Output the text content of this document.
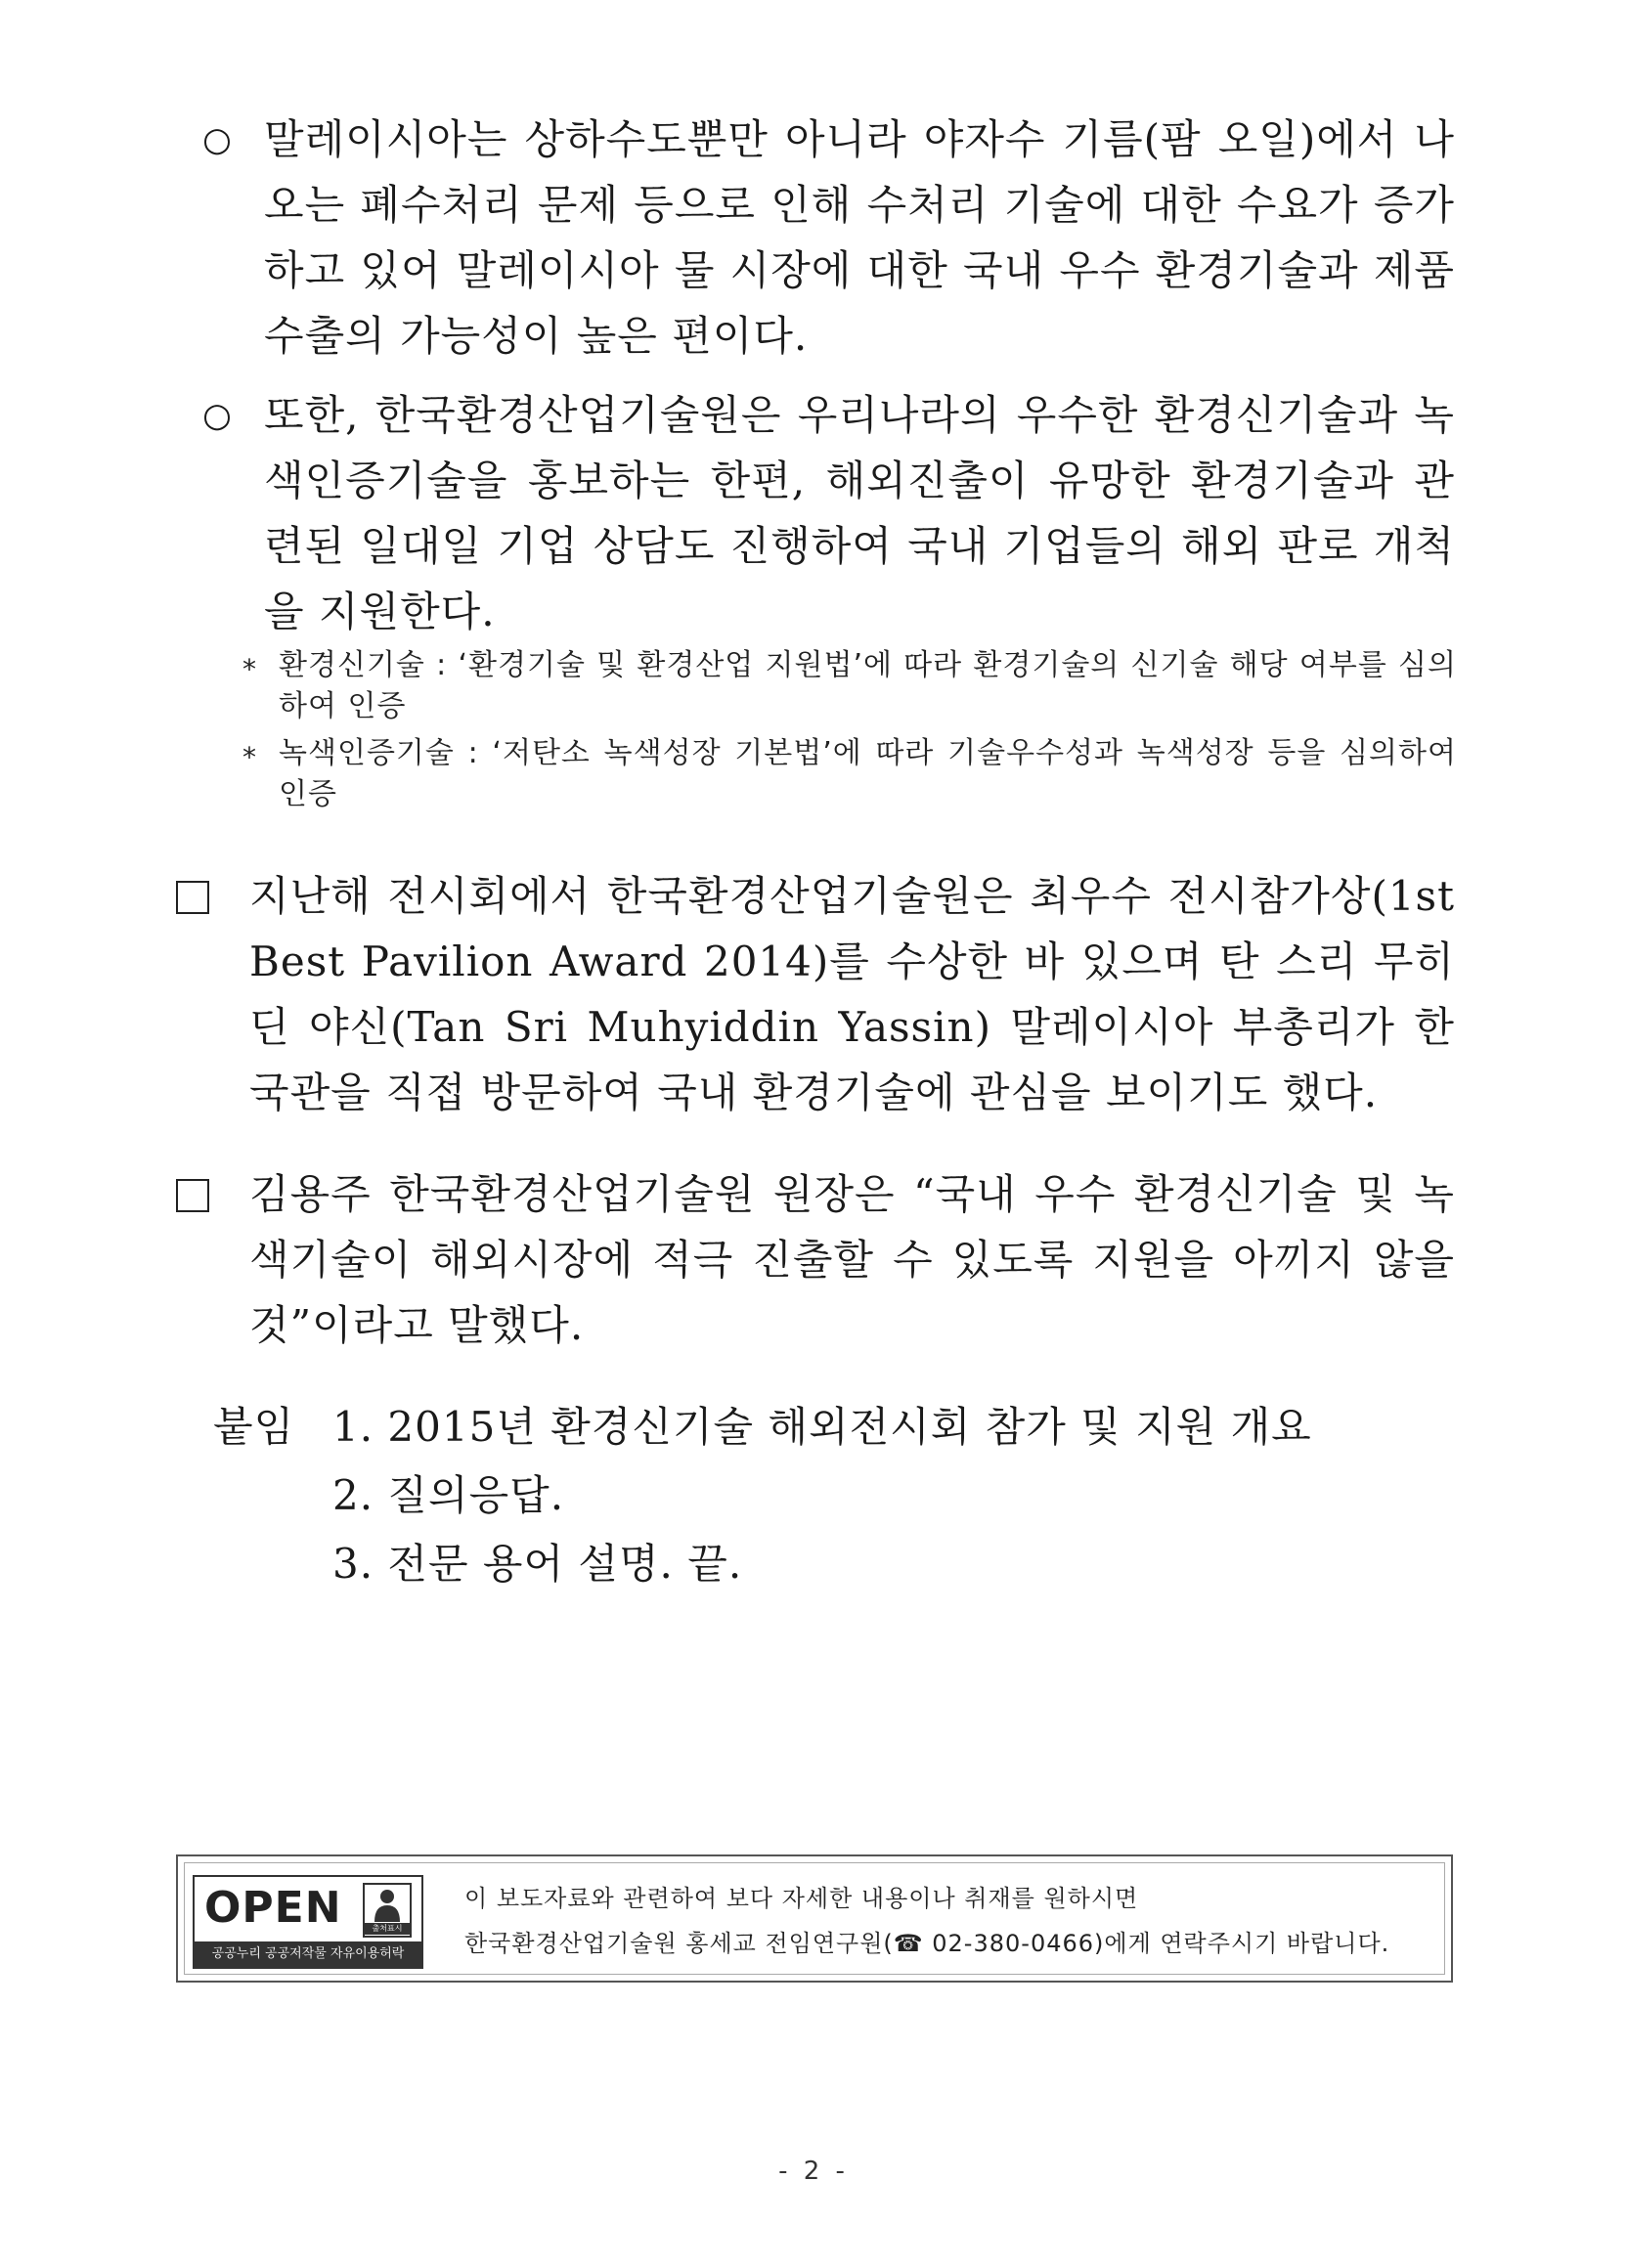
○ 말레이시아는 상하수도뿐만 아니라 야자수 기름(팜 오일)에서 나오는 폐수처리 문제 등으로 인해 수처리 기술에 대한 수요가 증가하고 있어 말레이시아 물 시장에 대한 국내 우수 환경기술과 제품 수출의 가능성이 높은 편이다.
○ 또한, 한국환경산업기술원은 우리나라의 우수한 환경신기술과 녹색인증기술을 홍보하는 한편, 해외진출이 유망한 환경기술과 관련된 일대일 기업 상담도 진행하여 국내 기업들의 해외 판로 개척을 지원한다.
* 환경신기술 : ‘환경기술 및 환경산업 지원법’에 따라 환경기술의 신기술 해당 여부를 심의하여 인증
* 녹색인증기술 : ‘저탄소 녹색성장 기본법’에 따라 기술우수성과 녹색성장 등을 심의하여 인증
지난해 전시회에서 한국환경산업기술원은 최우수 전시참가상(1st Best Pavilion Award 2014)를 수상한 바 있으며 탄 스리 무히딘 야신(Tan Sri Muhyiddin Yassin) 말레이시아 부총리가 한국관을 직접 방문하여 국내 환경기술에 관심을 보이기도 했다.
김용주 한국환경산업기술원 원장은 “국내 우수 환경신기술 및 녹색기술이 해외시장에 적극 진출할 수 있도록 지원을 아끼지 않을 것”이라고 말했다.
붙임 1. 2015년 환경신기술 해외전시회 참가 및 지원 개요
2. 질의응답.
3. 전문 용어 설명. 끝.
OPEN	출처표시
공공누리 공공저작물 자유이용허락
이 보도자료와 관련하여 보다 자세한 내용이나 취재를 원하시면
한국환경산업기술원 홍세교 전임연구원(☎ 02-380-0466)에게 연락주시기 바랍니다.
- 2 -
